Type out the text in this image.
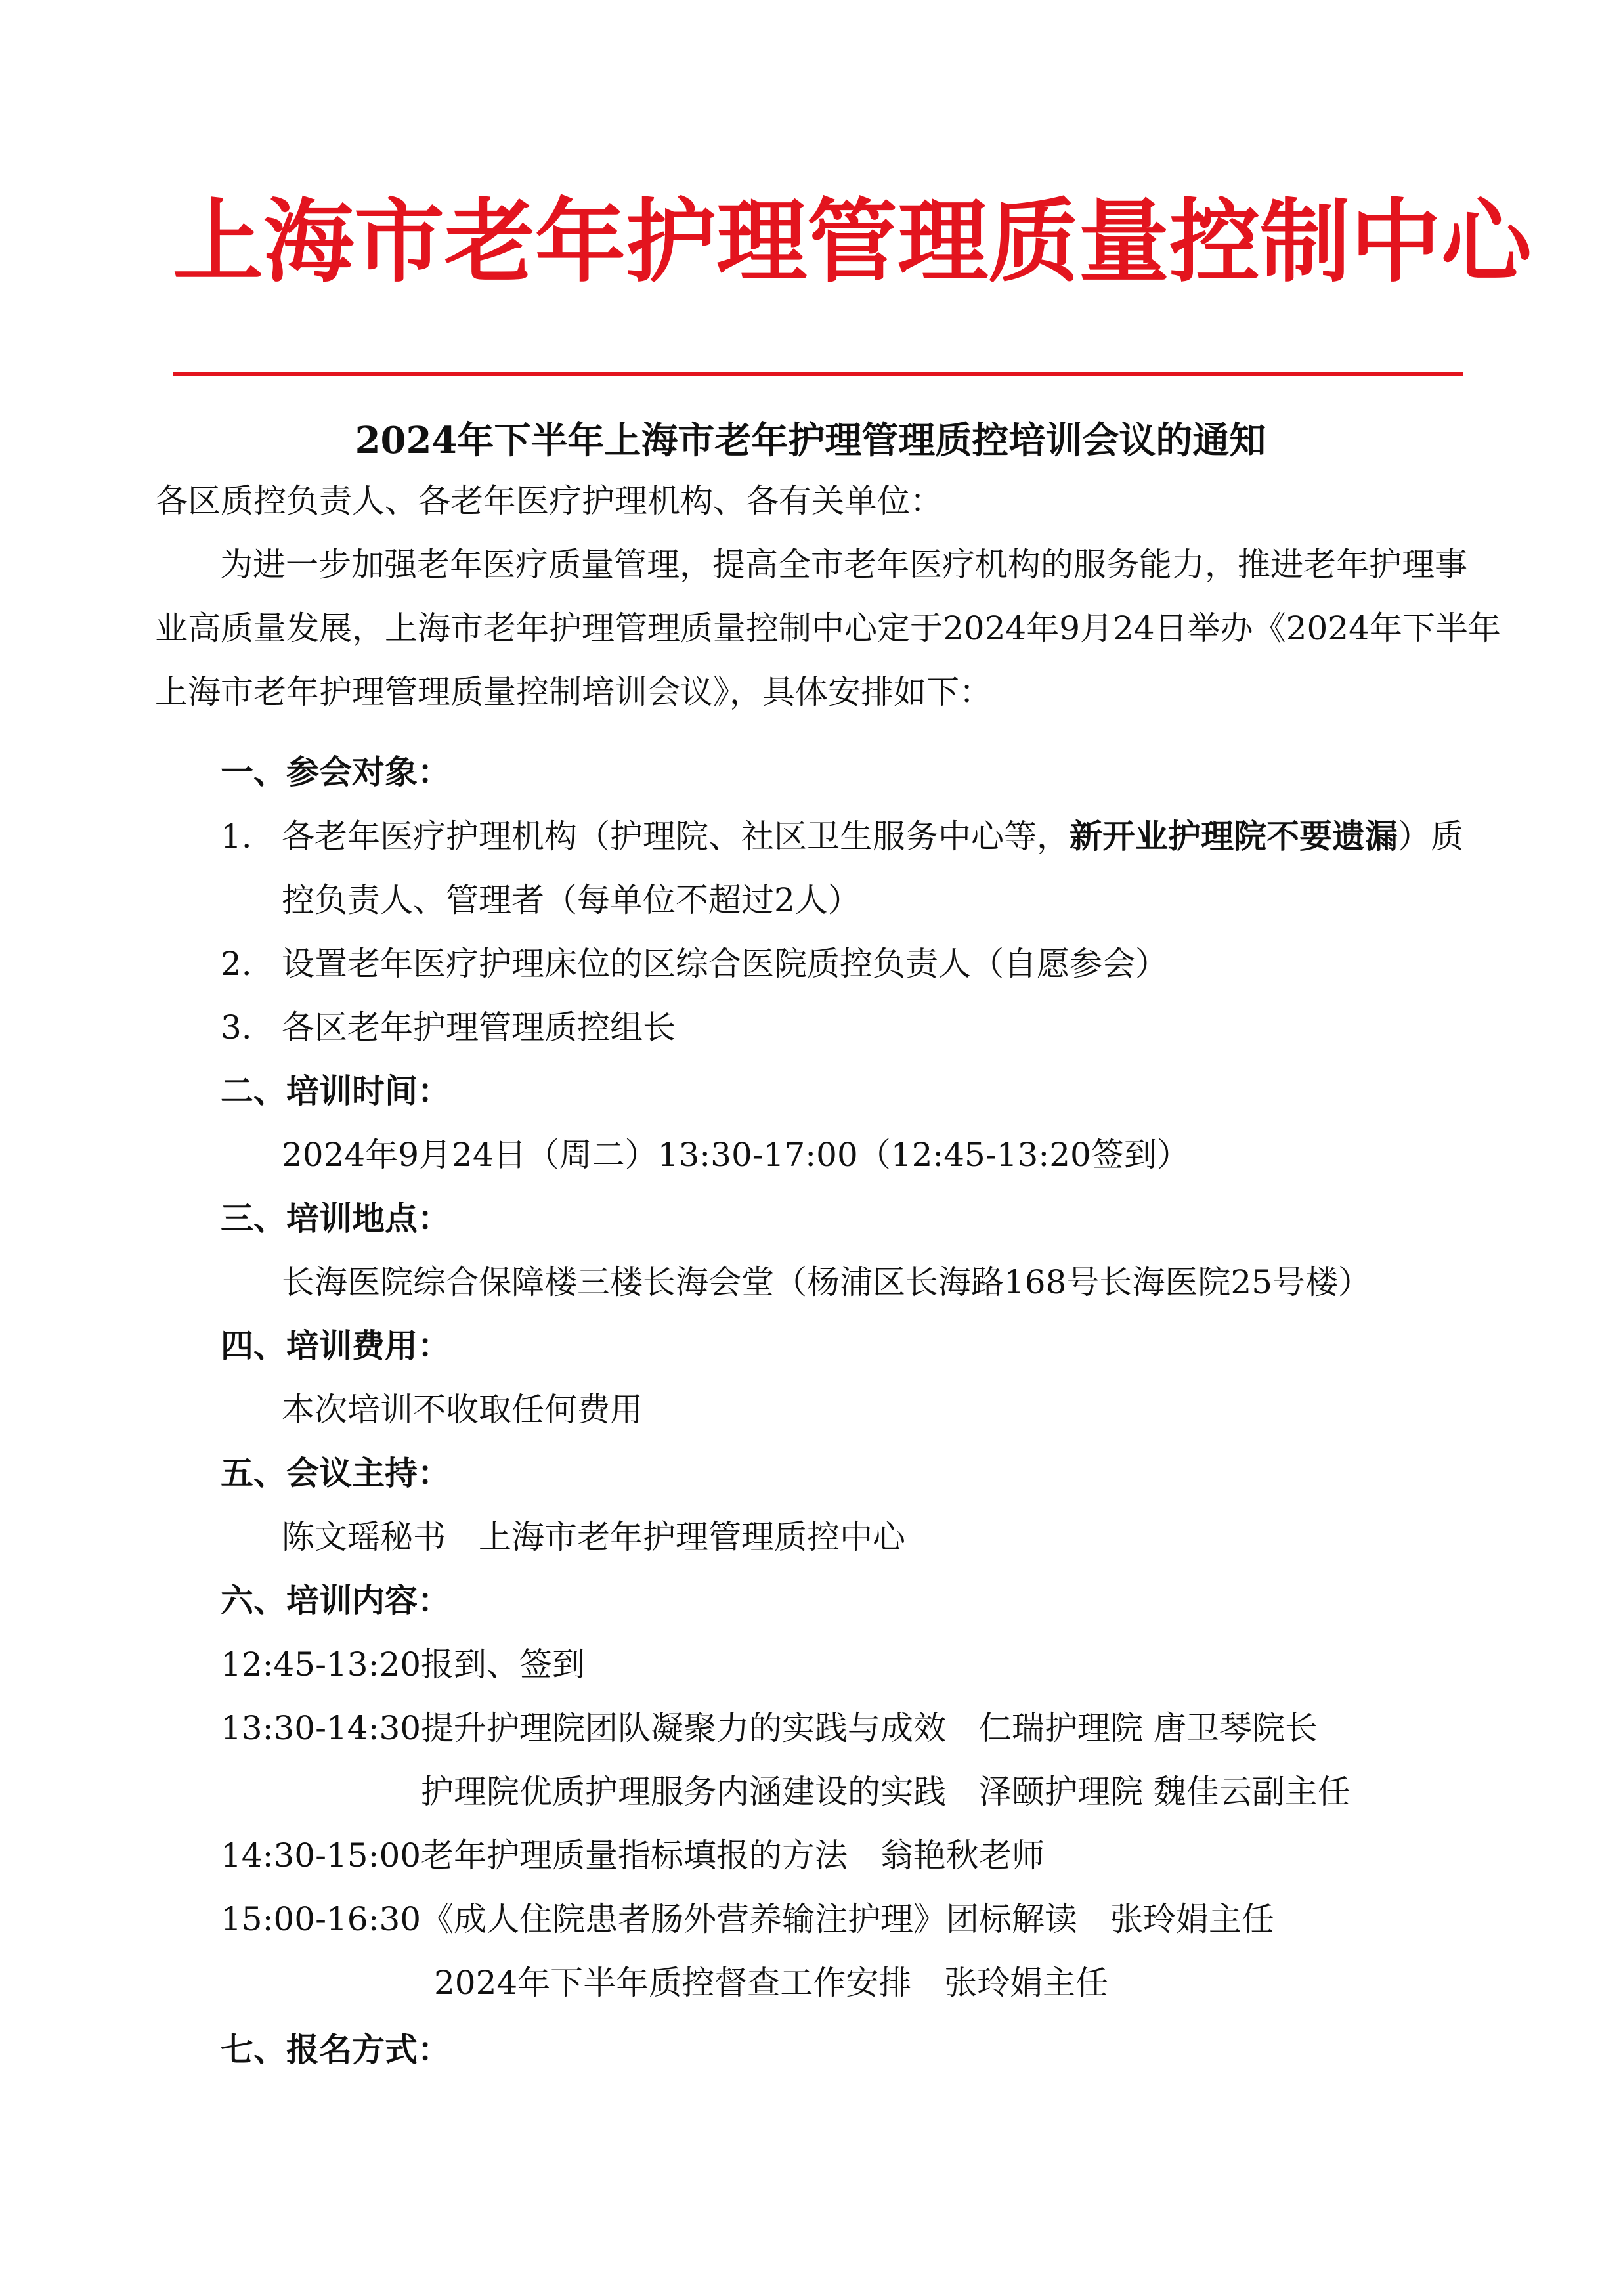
上海市老年护理管理质量控制中心
2024年下半年上海市老年护理管理质控培训会议的通知
各区质控负责人、各老年医疗护理机构、各有关单位：
为进一步加强老年医疗质量管理，提高全市老年医疗机构的服务能力，推进老年护理事
业高质量发展，上海市老年护理管理质量控制中心定于2024年9月24日举办《2024年下半年
上海市老年护理管理质量控制培训会议》，具体安排如下：
一、参会对象：
1. 各老年医疗护理机构（护理院、社区卫生服务中心等， 新开业护理院不要遗漏 ）质
控负责人、管理者（每单位不超过2人）
2. 设置老年医疗护理床位的区综合医院质控负责人（自愿参会）
3. 各区老年护理管理质控组长
二、培训时间：
2024年9月24日（周二）13:30-17:00（12:45-13:20签到）
三、培训地点：
长海医院综合保障楼三楼长海会堂（杨浦区长海路168号长海医院25号楼）
四、培训费用：
本次培训不收取任何费用
五、会议主持：
陈文瑶秘书　上海市老年护理管理质控中心
六、培训内容：
12:45-13:20 报到、签到
13:30-14:30 提升护理院团队凝聚力的实践与成效　仁瑞护理院 唐卫琴院长
护理院优质护理服务内涵建设的实践　泽颐护理院 魏佳云副主任
14:30-15:00 老年护理质量指标填报的方法　翁艳秋老师
15:00-16:30 《成人住院患者肠外营养输注护理》团标解读　张玲娟主任
2024年下半年质控督查工作安排　张玲娟主任
七、报名方式：
